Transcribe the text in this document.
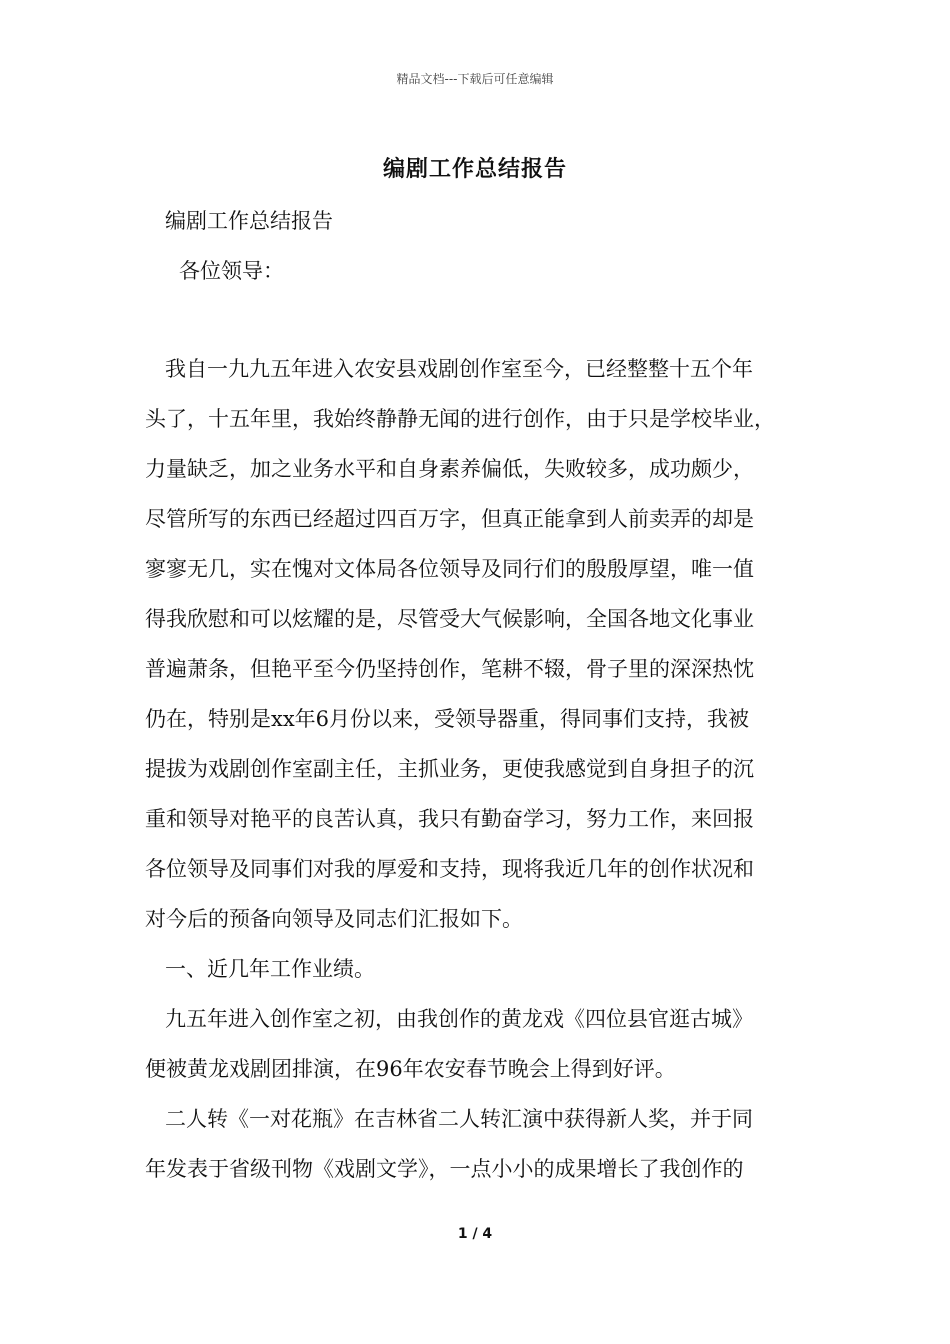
精品文档---下载后可任意编辑
编剧工作总结报告
编剧工作总结报告
各位领导：
我自一九九五年进入农安县戏剧创作室至今，已经整整十五个年
头了，十五年里，我始终静静无闻的进行创作，由于只是学校毕业，
力量缺乏，加之业务水平和自身素养偏低，失败较多，成功颇少，
尽管所写的东西已经超过四百万字，但真正能拿到人前卖弄的却是
寥寥无几，实在愧对文体局各位领导及同行们的殷殷厚望，唯一值
得我欣慰和可以炫耀的是，尽管受大气候影响，全国各地文化事业
普遍萧条，但艳平至今仍坚持创作，笔耕不辍，骨子里的深深热忱
仍在，特别是xx年6月份以来，受领导器重，得同事们支持，我被
提拔为戏剧创作室副主任，主抓业务，更使我感觉到自身担子的沉
重和领导对艳平的良苦认真，我只有勤奋学习，努力工作，来回报
各位领导及同事们对我的厚爱和支持，现将我近几年的创作状况和
对今后的预备向领导及同志们汇报如下。
一、近几年工作业绩。
九五年进入创作室之初，由我创作的黄龙戏《四位县官逛古城》
便被黄龙戏剧团排演，在96年农安春节晚会上得到好评。
二人转《一对花瓶》在吉林省二人转汇演中获得新人奖，并于同
年发表于省级刊物《戏剧文学》，一点小小的成果增长了我创作的
1 / 4
